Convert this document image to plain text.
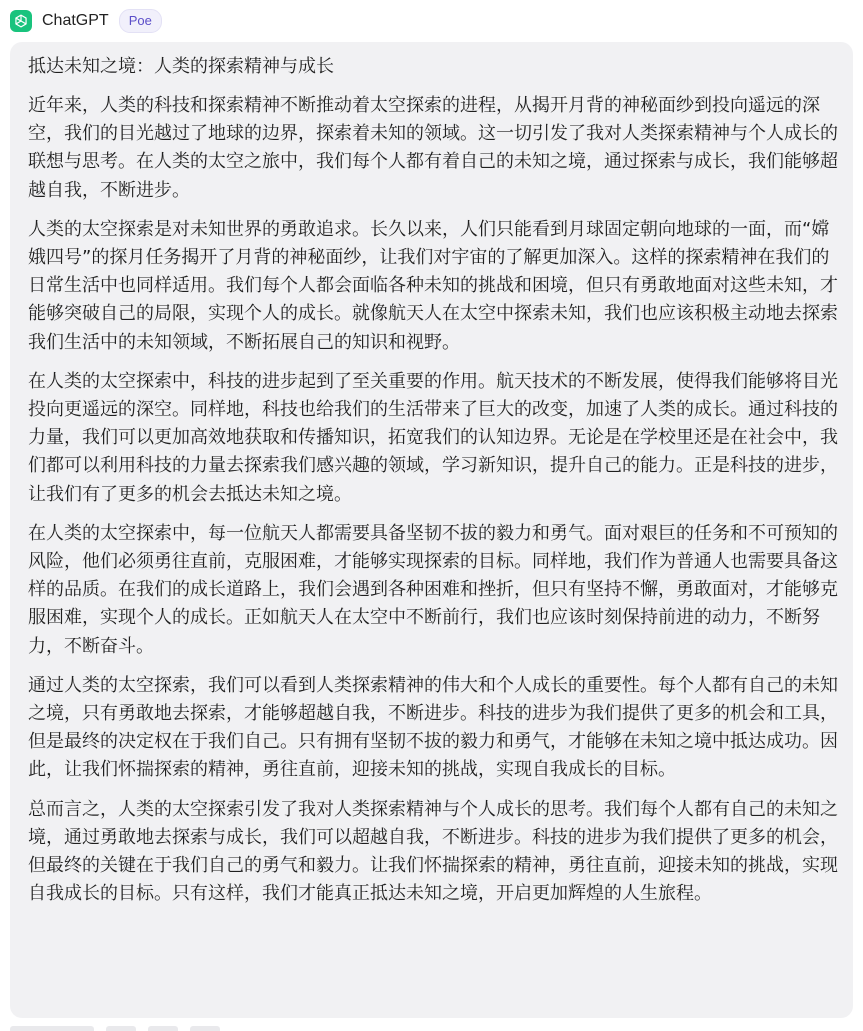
ChatGPT	Poe
抵达未知之境：人类的探索精神与成长
近年来，人类的科技和探索精神不断推动着太空探索的进程，从揭开月背的神秘面纱到投向遥远的深空，我们的目光越过了地球的边界，探索着未知的领域。这一切引发了我对人类探索精神与个人成长的联想与思考。在人类的太空之旅中，我们每个人都有着自己的未知之境，通过探索与成长，我们能够超越自我，不断进步。
人类的太空探索是对未知世界的勇敢追求。长久以来，人们只能看到月球固定朝向地球的一面，而“嫦娥四号”的探月任务揭开了月背的神秘面纱，让我们对宇宙的了解更加深入。这样的探索精神在我们的日常生活中也同样适用。我们每个人都会面临各种未知的挑战和困境，但只有勇敢地面对这些未知，才能够突破自己的局限，实现个人的成长。就像航天人在太空中探索未知，我们也应该积极主动地去探索我们生活中的未知领域，不断拓展自己的知识和视野。
在人类的太空探索中，科技的进步起到了至关重要的作用。航天技术的不断发展，使得我们能够将目光投向更遥远的深空。同样地，科技也给我们的生活带来了巨大的改变，加速了人类的成长。通过科技的力量，我们可以更加高效地获取和传播知识，拓宽我们的认知边界。无论是在学校里还是在社会中，我们都可以利用科技的力量去探索我们感兴趣的领域，学习新知识，提升自己的能力。正是科技的进步，让我们有了更多的机会去抵达未知之境。
在人类的太空探索中，每一位航天人都需要具备坚韧不拔的毅力和勇气。面对艰巨的任务和不可预知的风险，他们必须勇往直前，克服困难，才能够实现探索的目标。同样地，我们作为普通人也需要具备这样的品质。在我们的成长道路上，我们会遇到各种困难和挫折，但只有坚持不懈，勇敢面对，才能够克服困难，实现个人的成长。正如航天人在太空中不断前行，我们也应该时刻保持前进的动力，不断努力，不断奋斗。
通过人类的太空探索，我们可以看到人类探索精神的伟大和个人成长的重要性。每个人都有自己的未知之境，只有勇敢地去探索，才能够超越自我，不断进步。科技的进步为我们提供了更多的机会和工具，但是最终的决定权在于我们自己。只有拥有坚韧不拔的毅力和勇气，才能够在未知之境中抵达成功。因此，让我们怀揣探索的精神，勇往直前，迎接未知的挑战，实现自我成长的目标。
总而言之，人类的太空探索引发了我对人类探索精神与个人成长的思考。我们每个人都有自己的未知之境，通过勇敢地去探索与成长，我们可以超越自我，不断进步。科技的进步为我们提供了更多的机会，但最终的关键在于我们自己的勇气和毅力。让我们怀揣探索的精神，勇往直前，迎接未知的挑战，实现自我成长的目标。只有这样，我们才能真正抵达未知之境，开启更加辉煌的人生旅程。
